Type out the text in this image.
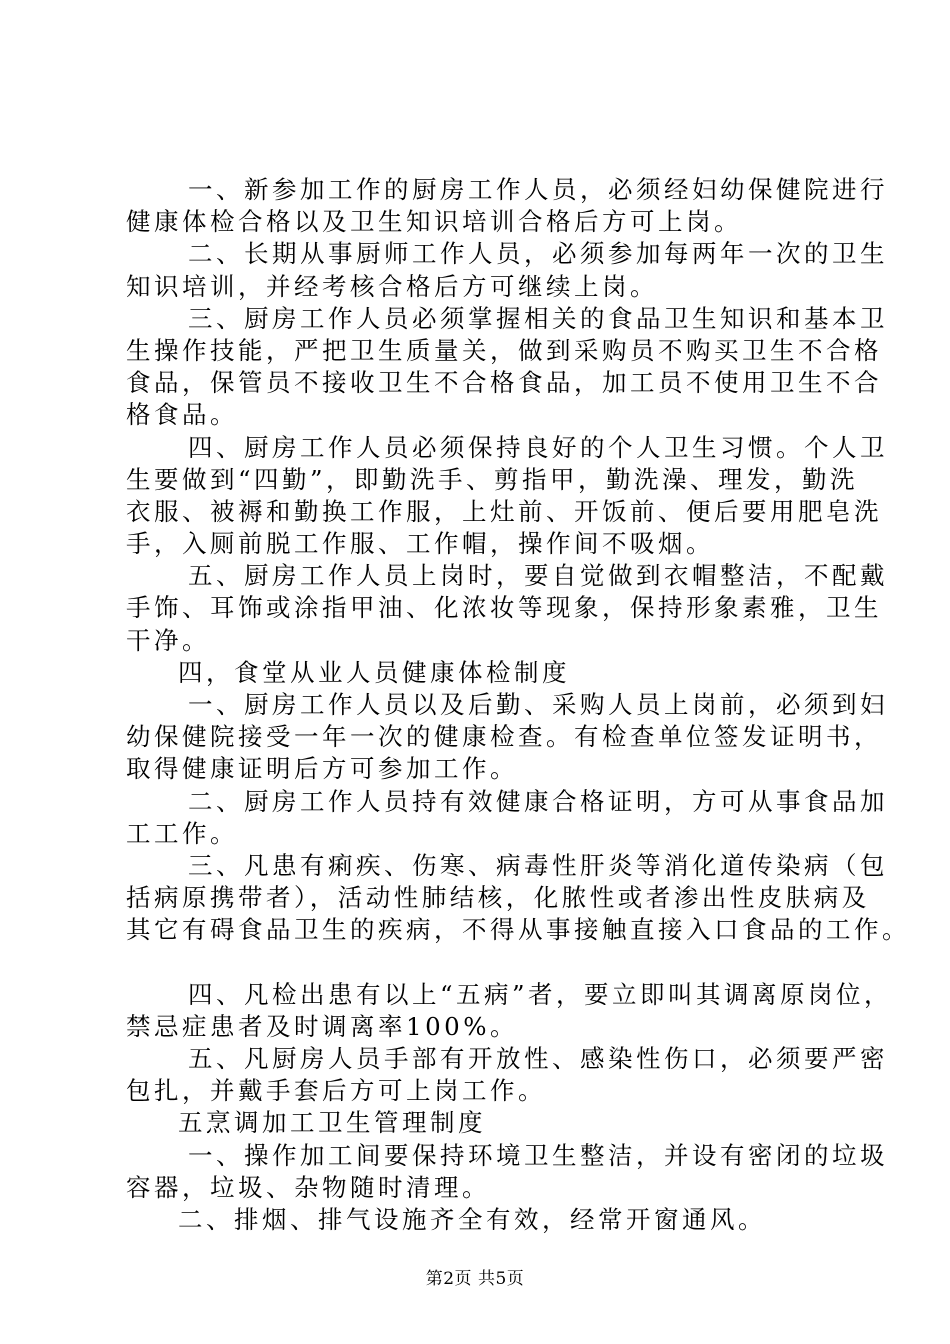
一、新参加工作的厨房工作人员，必须经妇幼保健院进行
健康体检合格以及卫生知识培训合格后方可上岗。
二、长期从事厨师工作人员，必须参加每两年一次的卫生
知识培训，并经考核合格后方可继续上岗。
三、厨房工作人员必须掌握相关的食品卫生知识和基本卫
生操作技能，严把卫生质量关，做到采购员不购买卫生不合格
食品，保管员不接收卫生不合格食品，加工员不使用卫生不合
格食品。
四、厨房工作人员必须保持良好的个人卫生习惯。个人卫
生要做到“四勤”，即勤洗手、剪指甲，勤洗澡、理发，勤洗
衣服、被褥和勤换工作服，上灶前、开饭前、便后要用肥皂洗
手，入厕前脱工作服、工作帽，操作间不吸烟。
五、厨房工作人员上岗时，要自觉做到衣帽整洁，不配戴
手饰、耳饰或涂指甲油、化浓妆等现象，保持形象素雅，卫生
干净。
四，食堂从业人员健康体检制度
一、厨房工作人员以及后勤、采购人员上岗前，必须到妇
幼保健院接受一年一次的健康检查。有检查单位签发证明书，
取得健康证明后方可参加工作。
二、厨房工作人员持有效健康合格证明，方可从事食品加
工工作。
三、凡患有痢疾、伤寒、病毒性肝炎等消化道传染病（包
括病原携带者），活动性肺结核，化脓性或者渗出性皮肤病及
其它有碍食品卫生的疾病，不得从事接触直接入口食品的工作。
四、凡检出患有以上“五病”者，要立即叫其调离原岗位，
禁忌症患者及时调离率100%。
五、凡厨房人员手部有开放性、感染性伤口，必须要严密
包扎，并戴手套后方可上岗工作。
五烹调加工卫生管理制度
一、操作加工间要保持环境卫生整洁，并设有密闭的垃圾
容器，垃圾、杂物随时清理。
二、排烟、排气设施齐全有效，经常开窗通风。
第2页 共5页
